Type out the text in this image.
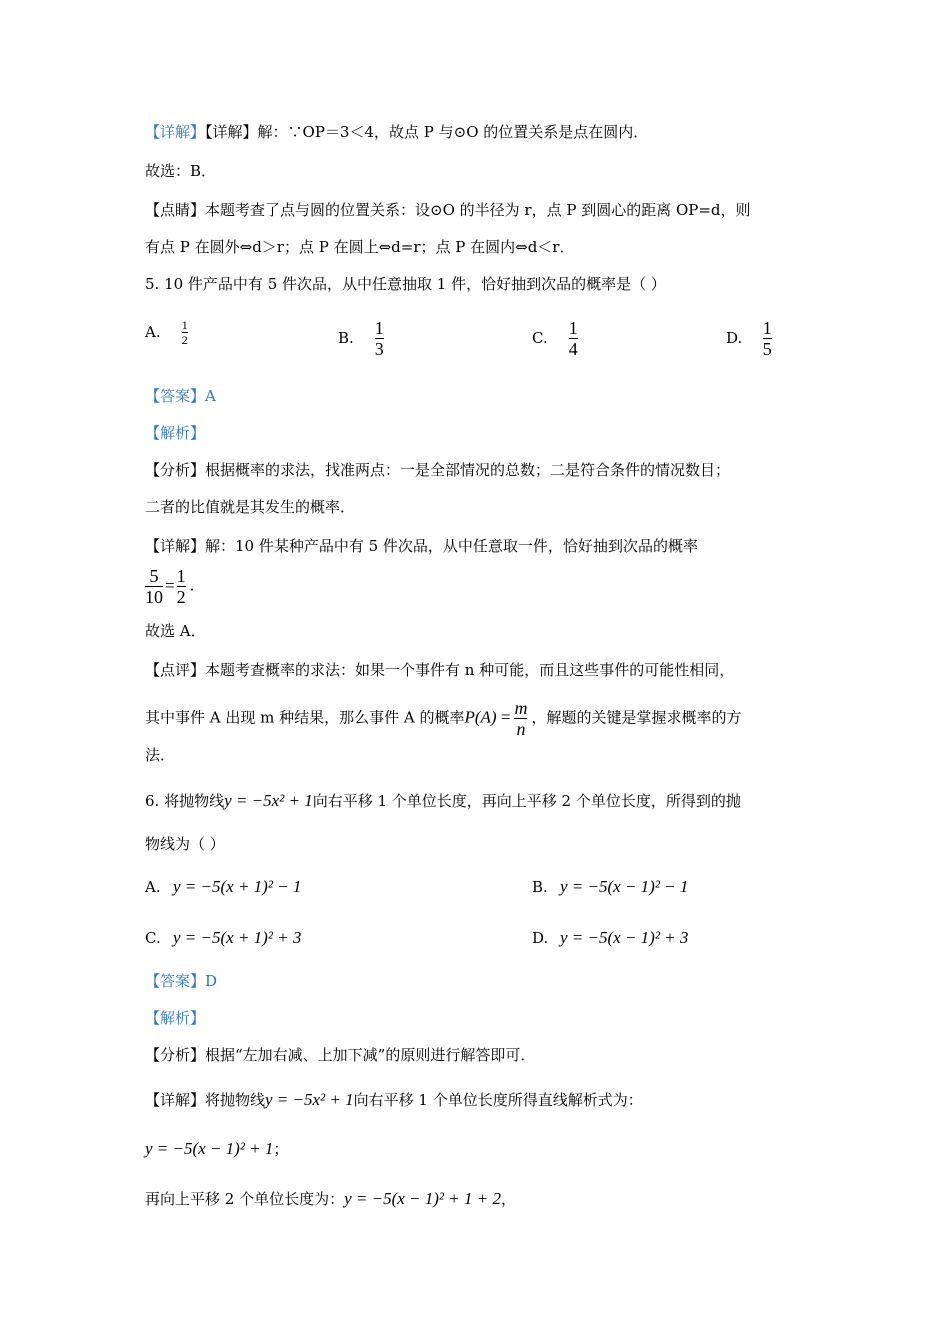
【详解】【详解】解：∵OP＝3＜4，故点 P 与⊙O 的位置关系是点在圆内．
故选：B．
【点睛】本题考查了点与圆的位置关系：设⊙O 的半径为 r，点 P 到圆心的距离 OP=d，则
有点 P 在圆外⇔d＞r；点 P 在圆上⇔d=r；点 P 在圆内⇔d＜r．
5. 10 件产品中有 5 件次品，从中任意抽取 1 件，恰好抽到次品的概率是（ ）
A. $\frac{1}{2}$	B. $\frac{1}{3}$	C. $\frac{1}{4}$	D. $\frac{1}{5}$
【答案】A
【解析】
【分析】根据概率的求法，找准两点：一是全部情况的总数；二是符合条件的情况数目；
二者的比值就是其发生的概率．
【详解】解：10 件某种产品中有 5 件次品，从中任意取一件，恰好抽到次品的概率
$\frac{5}{10} = \frac{1}{2}$ .
故选 A．
【点评】本题考查概率的求法：如果一个事件有 n 种可能，而且这些事件的可能性相同，
其中事件 A 出现 m 种结果，那么事件 A 的概率$P(A) = \frac{m}{n}$ ，解题的关键是掌握求概率的方
法．
6. 将抛物线y = −5x² + 1向右平移 1 个单位长度，再向上平移 2 个单位长度，所得到的抛
物线为（ ）
A. y = −5(x + 1)² − 1	B. y = −5(x − 1)² − 1
C. y = −5(x + 1)² + 3	D. y = −5(x − 1)² + 3
【答案】D
【解析】
【分析】根据“左加右减、上加下减”的原则进行解答即可．
【详解】将抛物线y = −5x² + 1向右平移 1 个单位长度所得直线解析式为：
y = −5(x − 1)² + 1；
再向上平移 2 个单位长度为：y = −5(x − 1)² + 1 + 2，
